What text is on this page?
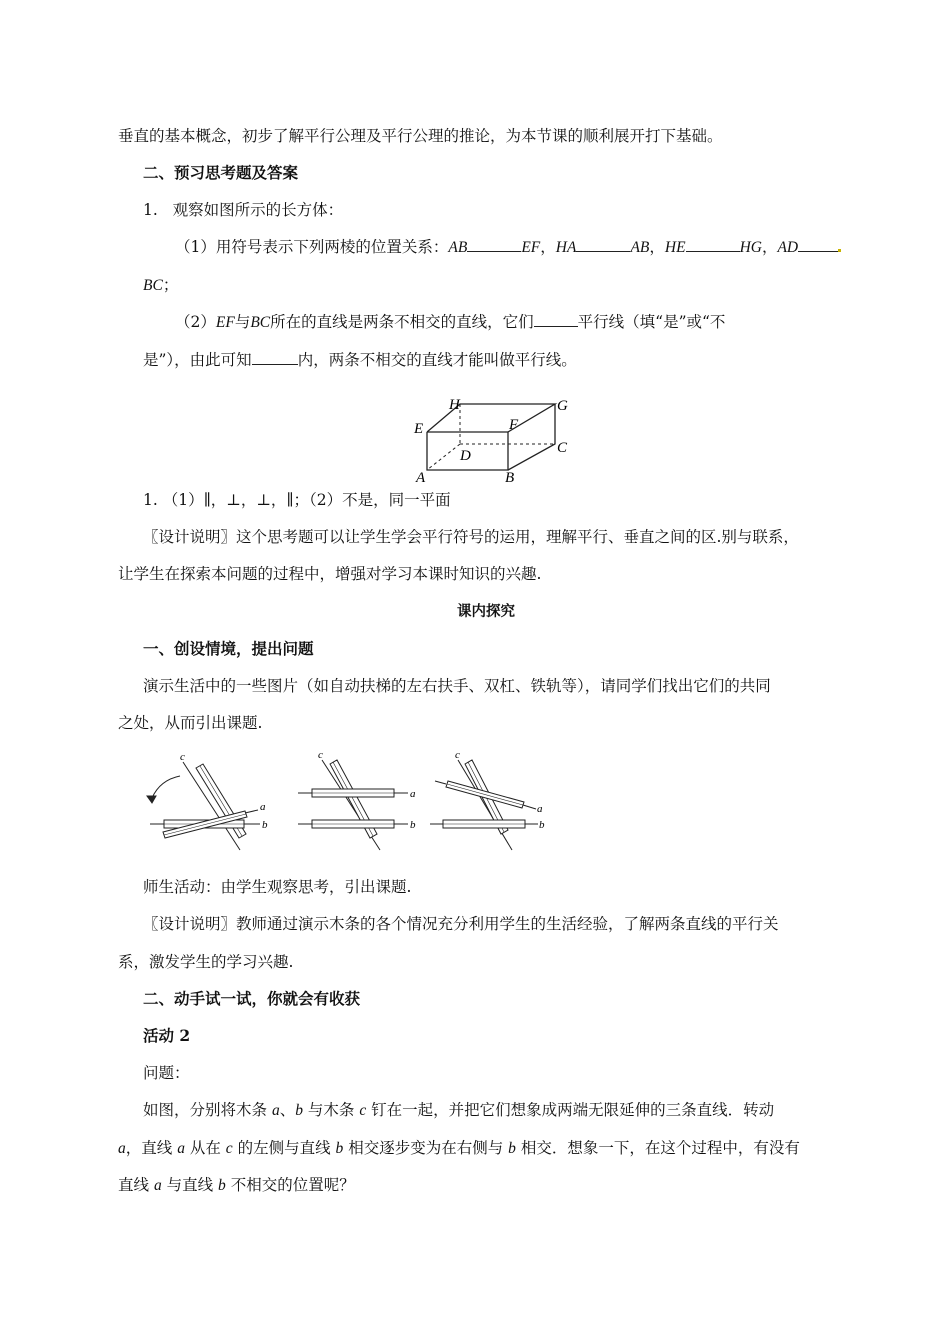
垂直的基本概念，初步了解平行公理及平行公理的推论，为本节课的顺利展开打下基础。
二、预习思考题及答案
1. 观察如图所示的长方体：
（1）用符号表示下列两棱的位置关系：AB	EF，HA	AB，HE	HG，AD
BC；
（2）EF与BC所在的直线是两条不相交的直线，它们	平行线（填“是”或“不
是”），由此可知	内，两条不相交的直线才能叫做平行线。
H	G
E	F
C
D
A	B
1. （1）∥，⊥，⊥，∥；（2）不是，同一平面
〖设计说明〗这个思考题可以让学生学会平行符号的运用，理解平行、垂直之间的区.别与联系，
让学生在探索本问题的过程中，增强对学习本课时知识的兴趣.
课内探究
一、创设情境，提出问题
演示生活中的一些图片（如自动扶梯的左右扶手、双杠、铁轨等），请同学们找出它们的共同
之处，从而引出课题.
c
a
b
c
a
b
c
a
b
师生活动：由学生观察思考，引出课题.
〖设计说明〗教师通过演示木条的各个情况充分利用学生的生活经验，了解两条直线的平行关
系，激发学生的学习兴趣.
二、动手试一试，你就会有收获
活动 2
问题：
如图，分别将木条 a、b 与木条 c 钉在一起，并把它们想象成两端无限延伸的三条直线．转动
a，直线 a 从在 c 的左侧与直线 b 相交逐步变为在右侧与 b 相交．想象一下，在这个过程中，有没有
直线 a 与直线 b 不相交的位置呢？
